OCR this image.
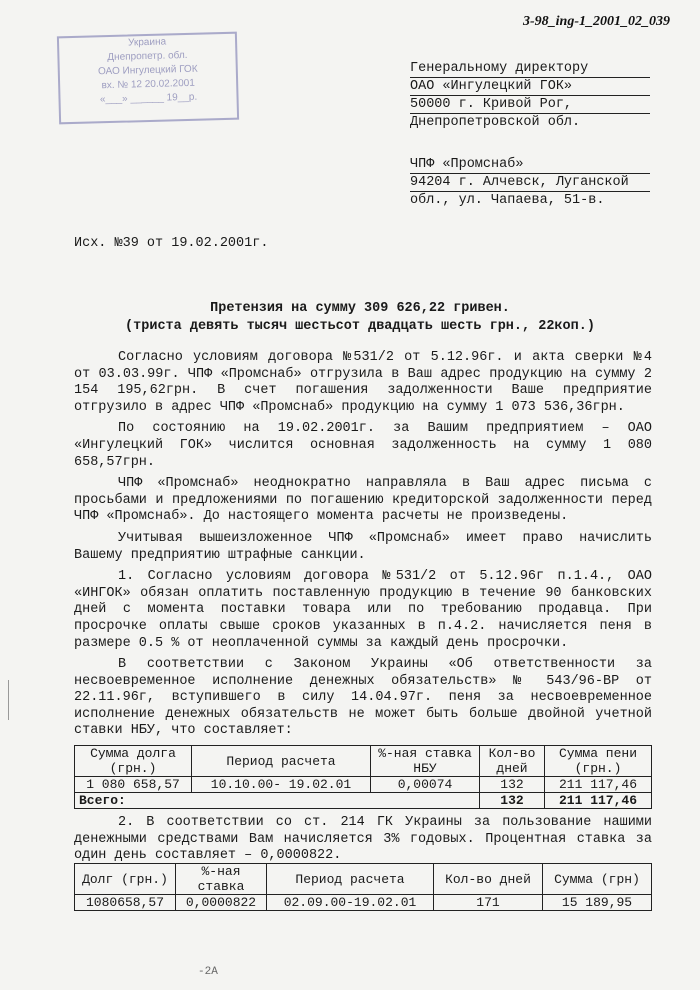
3-98_ing-1_2001_02_039
Украина
Днепропетр. обл.
ОАО Ингулецкий ГОК
вх. № 12 20.02.2001
«___» ______ 19__р.
Генеральному директору
ОАО «Ингулецкий ГОК»
50000 г. Кривой Рог,
Днепропетровской обл.
ЧПФ «Промснаб»
94204 г. Алчевск, Луганской
обл., ул. Чапаева, 51-в.
Исх. №39 от 19.02.2001г.
Претензия на сумму 309 626,22 гривен.
(триста девять тысяч шестьсот двадцать шесть грн., 22коп.)

Согласно условиям договора №531/2 от 5.12.96г. и акта сверки №4 от 03.03.99г. ЧПФ «Промснаб» отгрузила в Ваш адрес продукцию на сумму 2 154 195,62грн. В счет погашения задолженности Ваше предприятие отгрузило в адрес ЧПФ «Промснаб» продукцию на сумму 1 073 536,36грн.

По состоянию на 19.02.2001г. за Вашим предприятием – ОАО «Ингулецкий ГОК» числится основная задолженность на сумму 1 080 658,57грн.

ЧПФ «Промснаб» неоднократно направляла в Ваш адрес письма с просьбами и предложениями по погашению кредиторской задолженности перед ЧПФ «Промснаб». До настоящего момента расчеты не произведены.

Учитывая вышеизложенное ЧПФ «Промснаб» имеет право начислить Вашему предприятию штрафные санкции.

1. Согласно условиям договора №531/2 от 5.12.96г п.1.4., ОАО «ИНГОК» обязан оплатить поставленную продукцию в течение 90 банковских дней с момента поставки товара или по требованию продавца. При просрочке оплаты свыше сроков указанных в п.4.2. начисляется пеня в размере 0.5 % от неоплаченной суммы за каждый день просрочки.

В соответствии с Законом Украины «Об ответственности за несвоевременное исполнение денежных обязательств» № 543/96-ВР от 22.11.96г, вступившего в силу 14.04.97г. пеня за несвоевременное исполнение денежных обязательств не может быть больше двойной учетной ставки НБУ, что составляет:

Сумма долга (грн.)	Период расчета	%-ная ставка НБУ	Кол-во дней	Сумма пени (грн.)
1 080 658,57	10.10.00- 19.02.01	0,00074	132	211 117,46
Всего:			132	211 117,46

2. В соответствии со ст. 214 ГК Украины за пользование нашими денежными средствами Вам начисляется 3% годовых. Процентная ставка за один день составляет – 0,0000822.

Долг (грн.)	%-ная ставка	Период расчета	Кол-во дней	Сумма (грн)
1080658,57	0,0000822	02.09.00-19.02.01	171	15 189,95
-2А
